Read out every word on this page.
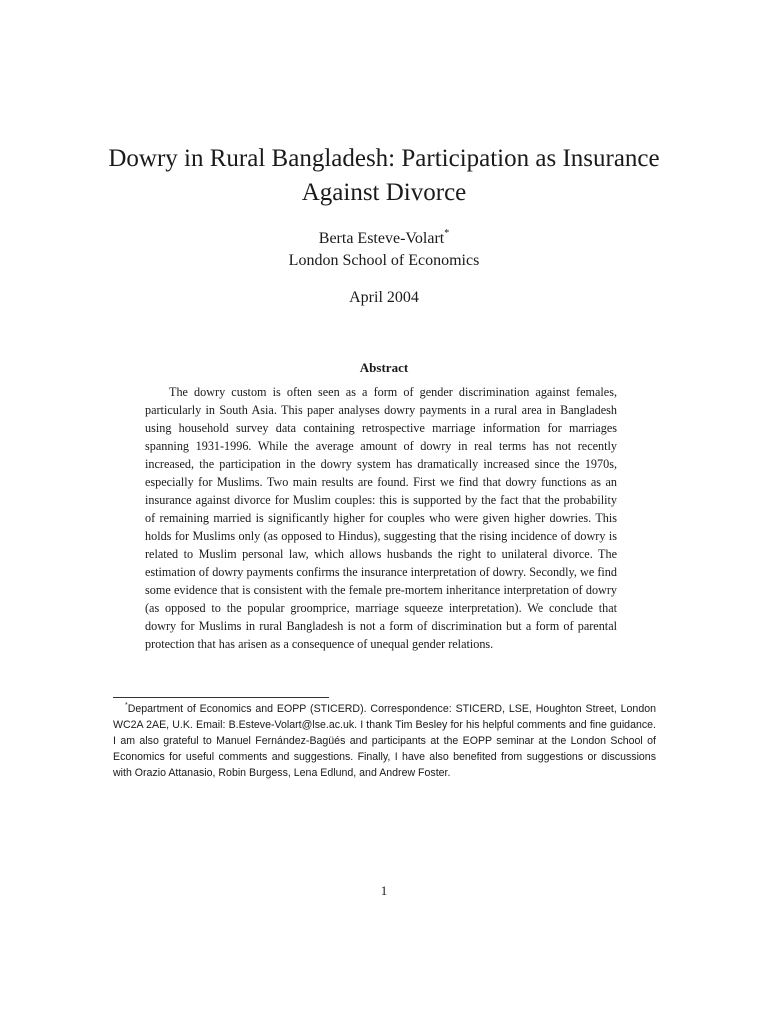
Dowry in Rural Bangladesh: Participation as Insurance Against Divorce
Berta Esteve-Volart*
London School of Economics
April 2004
Abstract

The dowry custom is often seen as a form of gender discrimination against females, particularly in South Asia. This paper analyses dowry payments in a rural area in Bangladesh using household survey data containing retrospective marriage information for marriages spanning 1931-1996. While the average amount of dowry in real terms has not recently increased, the participation in the dowry system has dramatically increased since the 1970s, especially for Muslims. Two main results are found. First we find that dowry functions as an insurance against divorce for Muslim couples: this is supported by the fact that the probability of remaining married is significantly higher for couples who were given higher dowries. This holds for Muslims only (as opposed to Hindus), suggesting that the rising incidence of dowry is related to Muslim personal law, which allows husbands the right to unilateral divorce. The estimation of dowry payments confirms the insurance interpretation of dowry. Secondly, we find some evidence that is consistent with the female pre-mortem inheritance interpretation of dowry (as opposed to the popular groomprice, marriage squeeze interpretation). We conclude that dowry for Muslims in rural Bangladesh is not a form of discrimination but a form of parental protection that has arisen as a consequence of unequal gender relations.

*Department of Economics and EOPP (STICERD). Correspondence: STICERD, LSE, Houghton Street, London WC2A 2AE, U.K. Email: B.Esteve-Volart@lse.ac.uk. I thank Tim Besley for his helpful comments and fine guidance. I am also grateful to Manuel Fernández-Bagüés and participants at the EOPP seminar at the London School of Economics for useful comments and suggestions. Finally, I have also benefited from suggestions or discussions with Orazio Attanasio, Robin Burgess, Lena Edlund, and Andrew Foster.

1
